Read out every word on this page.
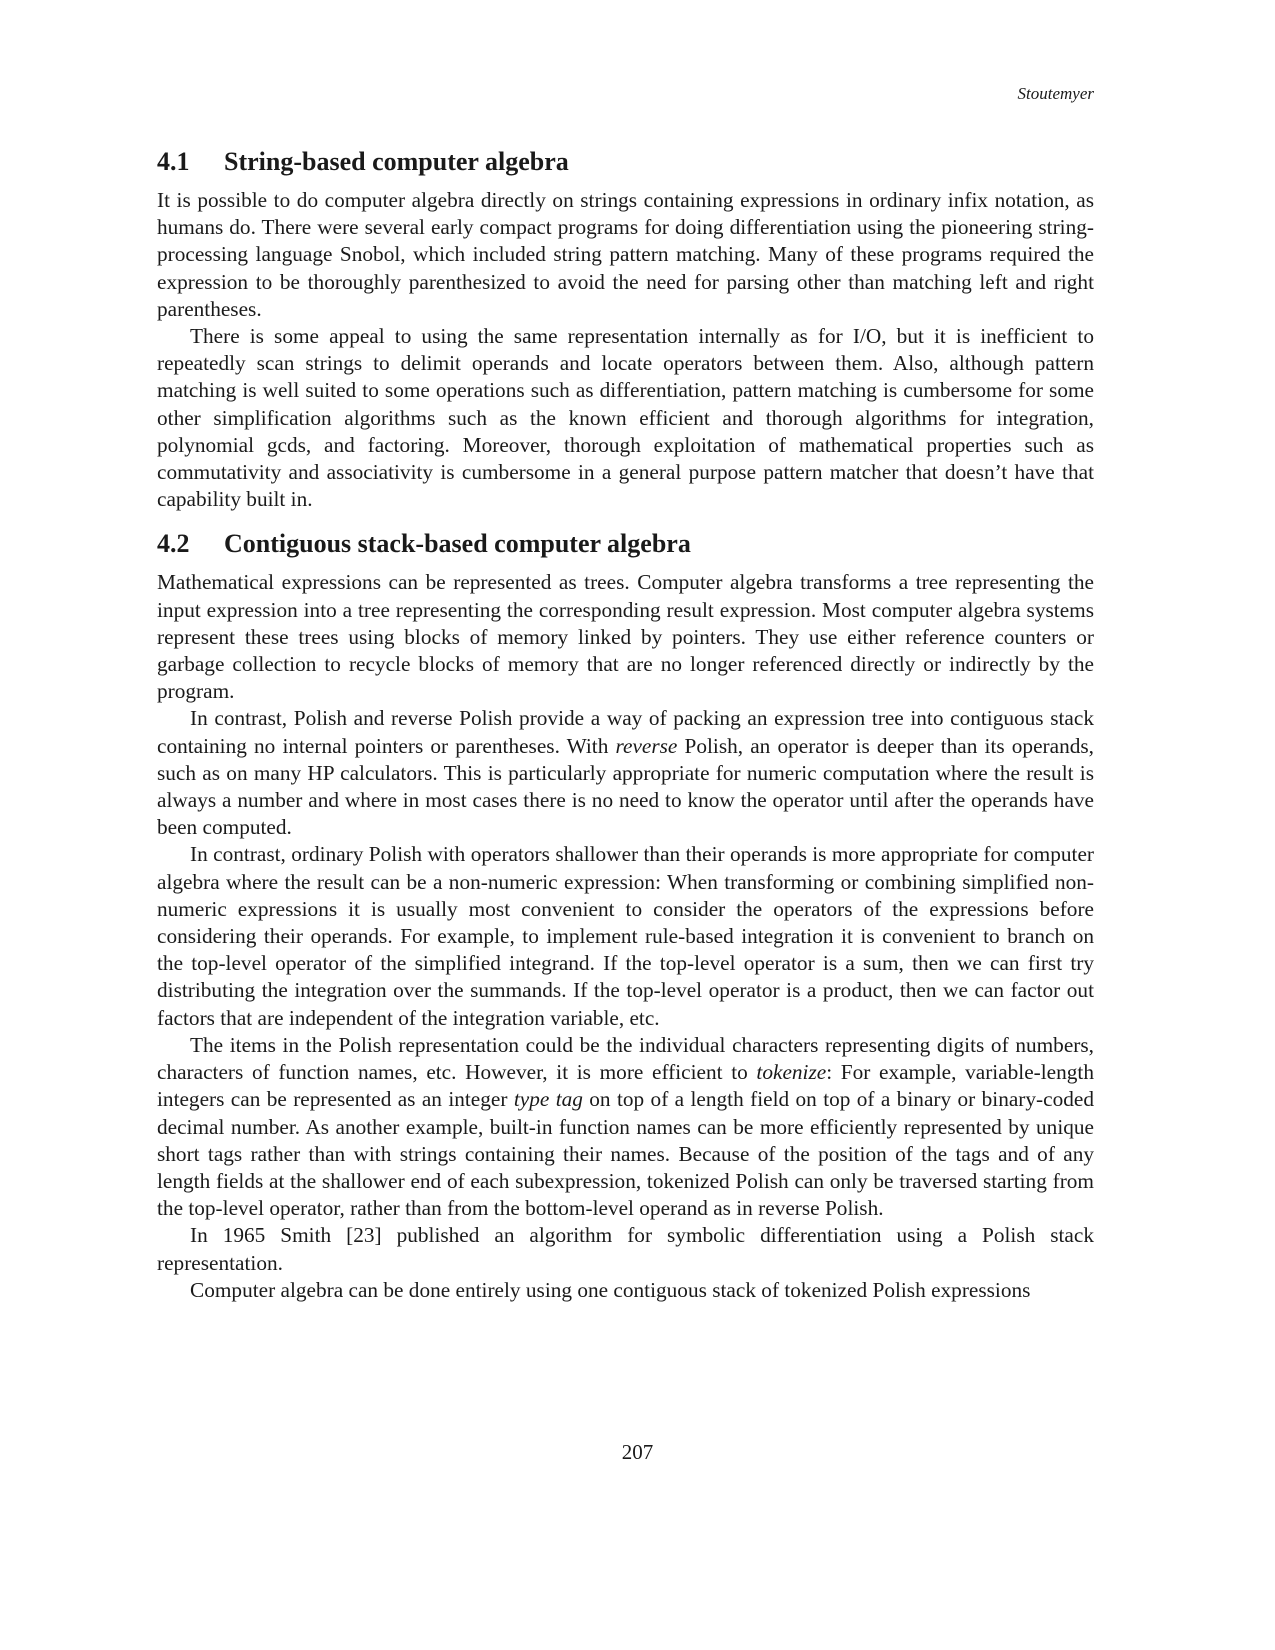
Stoutemyer
4.1 String-based computer algebra

It is possible to do computer algebra directly on strings containing expressions in ordinary infix notation, as humans do. There were several early compact programs for doing differentiation using the pioneering string-processing language Snobol, which included string pattern matching. Many of these programs required the expression to be thoroughly parenthesized to avoid the need for parsing other than matching left and right parentheses.

There is some appeal to using the same representation internally as for I/O, but it is inefficient to repeatedly scan strings to delimit operands and locate operators between them. Also, although pattern matching is well suited to some operations such as differentiation, pattern matching is cumbersome for some other simplification algorithms such as the known efficient and thorough algorithms for integration, polynomial gcds, and factoring. Moreover, thorough exploitation of mathematical properties such as commutativity and associativity is cumbersome in a general purpose pattern matcher that doesn’t have that capability built in.

4.2 Contiguous stack-based computer algebra

Mathematical expressions can be represented as trees. Computer algebra transforms a tree representing the input expression into a tree representing the corresponding result expression. Most computer algebra systems represent these trees using blocks of memory linked by pointers. They use either reference counters or garbage collection to recycle blocks of memory that are no longer referenced directly or indirectly by the program.

In contrast, Polish and reverse Polish provide a way of packing an expression tree into contiguous stack containing no internal pointers or parentheses. With reverse Polish, an operator is deeper than its operands, such as on many HP calculators. This is particularly appropriate for numeric computation where the result is always a number and where in most cases there is no need to know the operator until after the operands have been computed.

In contrast, ordinary Polish with operators shallower than their operands is more appropriate for computer algebra where the result can be a non-numeric expression: When transforming or combining simplified non-numeric expressions it is usually most convenient to consider the operators of the expressions before considering their operands. For example, to implement rule-based integration it is convenient to branch on the top-level operator of the simplified integrand. If the top-level operator is a sum, then we can first try distributing the integration over the summands. If the top-level operator is a product, then we can factor out factors that are independent of the integration variable, etc.

The items in the Polish representation could be the individual characters representing digits of numbers, characters of function names, etc. However, it is more efficient to tokenize: For example, variable-length integers can be represented as an integer type tag on top of a length field on top of a binary or binary-coded decimal number. As another example, built-in function names can be more efficiently represented by unique short tags rather than with strings containing their names. Because of the position of the tags and of any length fields at the shallower end of each subexpression, tokenized Polish can only be traversed starting from the top-level operator, rather than from the bottom-level operand as in reverse Polish.

In 1965 Smith [23] published an algorithm for symbolic differentiation using a Polish stack representation.

Computer algebra can be done entirely using one contiguous stack of tokenized Polish expressions

207
